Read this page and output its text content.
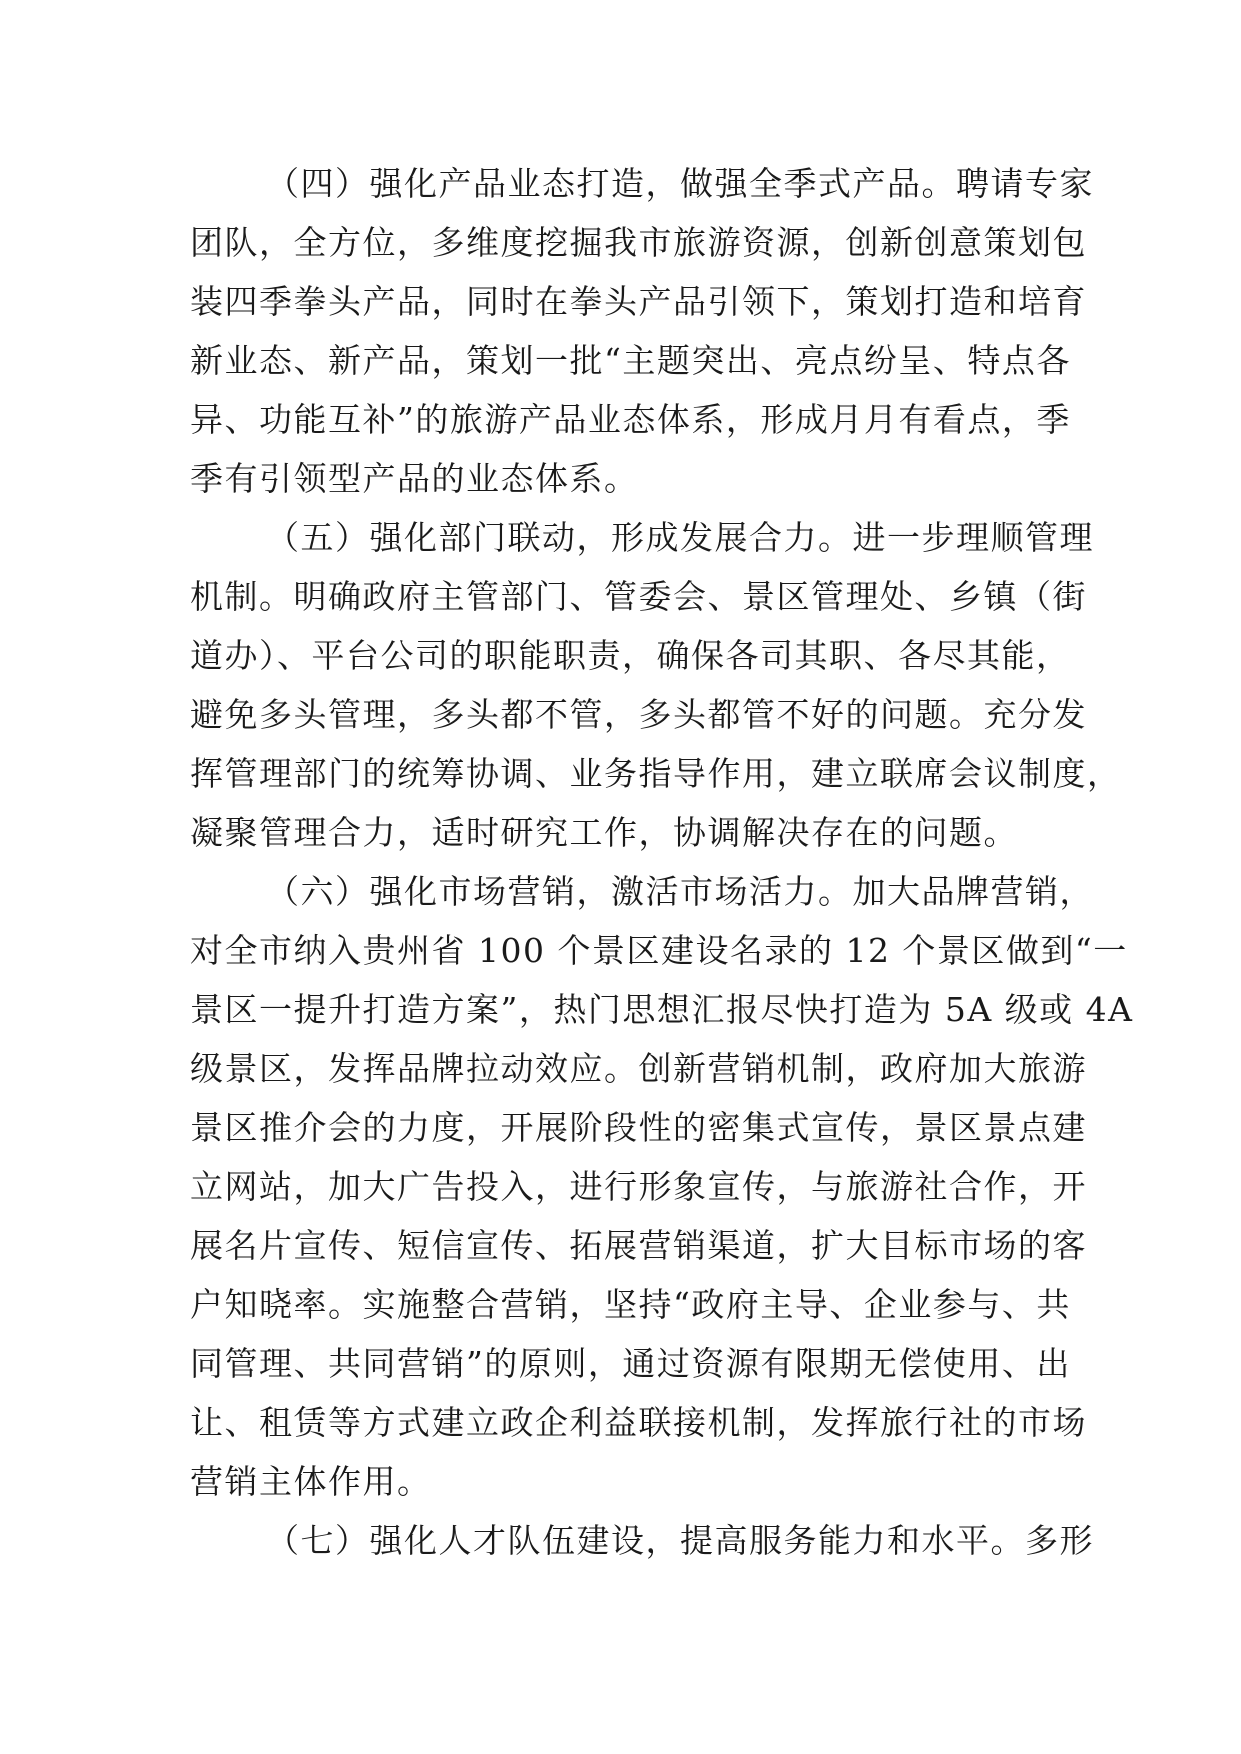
（四）强化产品业态打造，做强全季式产品。聘请专家
团队，全方位，多维度挖掘我市旅游资源，创新创意策划包
装四季拳头产品，同时在拳头产品引领下，策划打造和培育
新业态、新产品，策划一批“主题突出、亮点纷呈、特点各
异、功能互补”的旅游产品业态体系，形成月月有看点，季
季有引领型产品的业态体系。

（五）强化部门联动，形成发展合力。进一步理顺管理
机制。明确政府主管部门、管委会、景区管理处、乡镇（街
道办）、平台公司的职能职责，确保各司其职、各尽其能，
避免多头管理，多头都不管，多头都管不好的问题。充分发
挥管理部门的统筹协调、业务指导作用，建立联席会议制度，
凝聚管理合力，适时研究工作，协调解决存在的问题。

（六）强化市场营销，激活市场活力。加大品牌营销，
对全市纳入贵州省 100 个景区建设名录的 12 个景区做到“一
景区一提升打造方案”，热门思想汇报尽快打造为 5A 级或 4A
级景区，发挥品牌拉动效应。创新营销机制，政府加大旅游
景区推介会的力度，开展阶段性的密集式宣传，景区景点建
立网站，加大广告投入，进行形象宣传，与旅游社合作，开
展名片宣传、短信宣传、拓展营销渠道，扩大目标市场的客
户知晓率。实施整合营销，坚持“政府主导、企业参与、共
同管理、共同营销”的原则，通过资源有限期无偿使用、出
让、租赁等方式建立政企利益联接机制，发挥旅行社的市场
营销主体作用。

（七）强化人才队伍建设，提高服务能力和水平。多形
